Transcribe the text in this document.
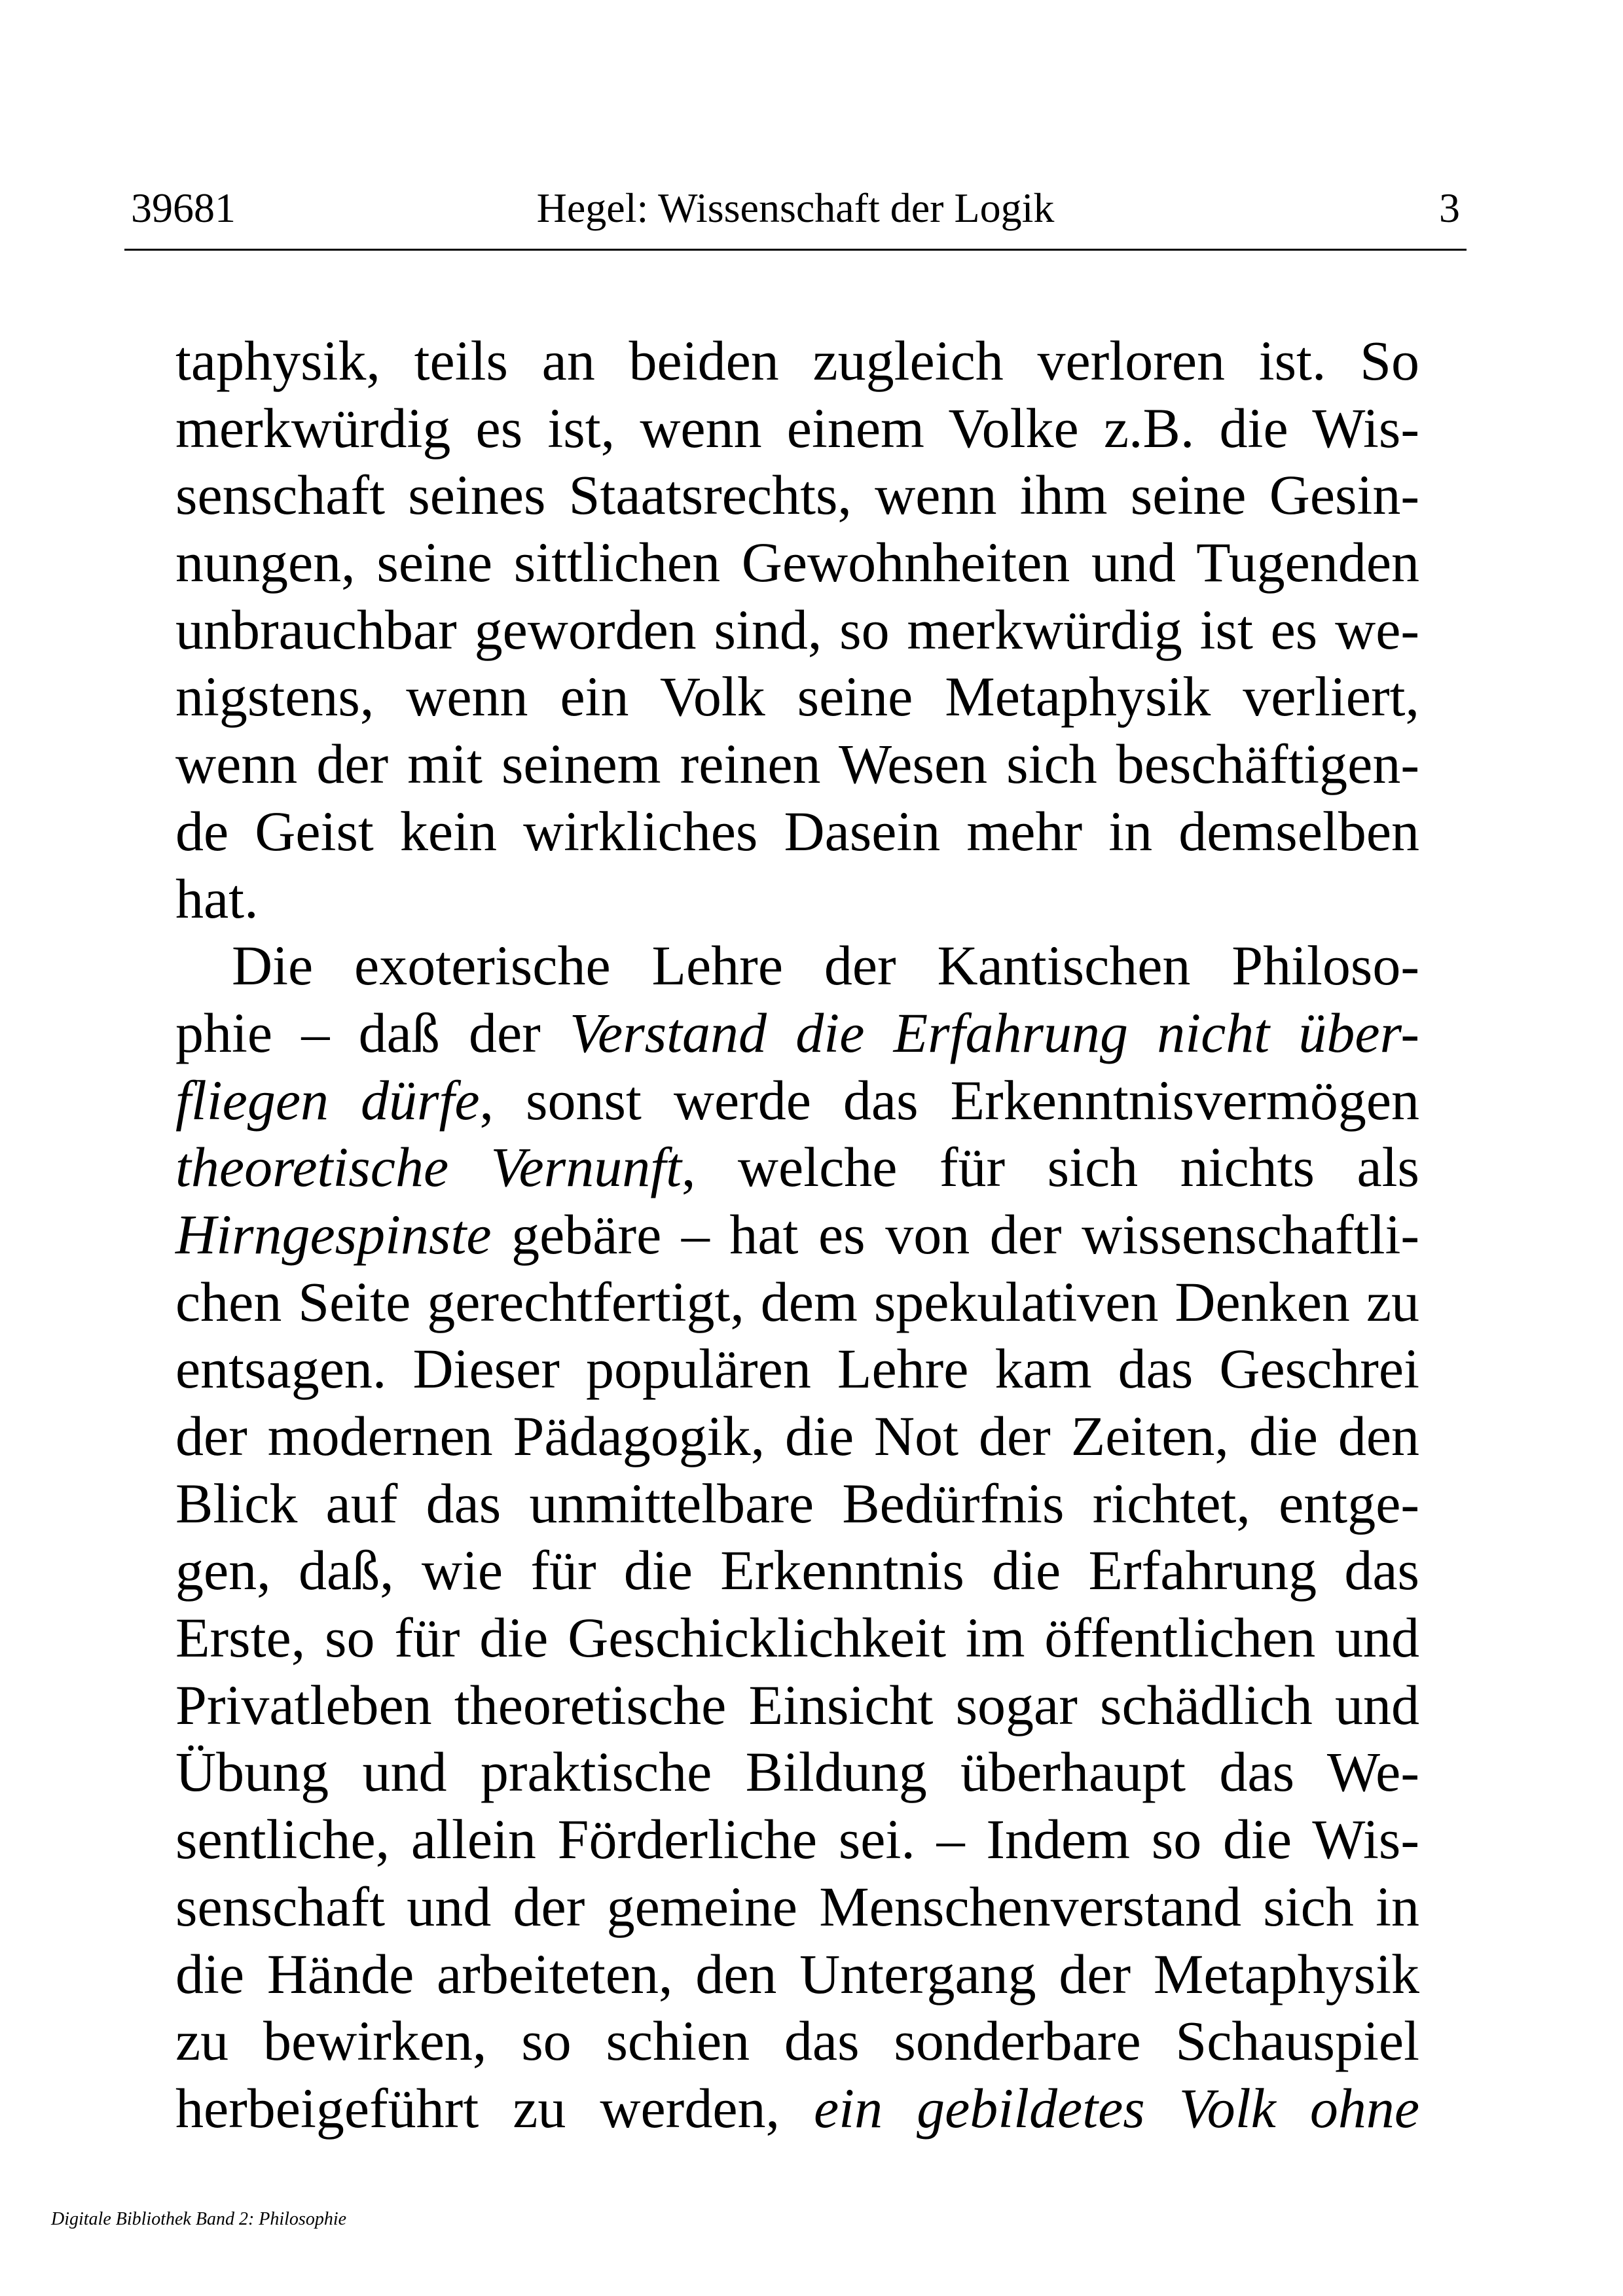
39681	Hegel: Wissenschaft der Logik	3
taphysik, teils an beiden zugleich verloren ist. So
merkwürdig es ist, wenn einem Volke z.B. die Wis-
senschaft seines Staatsrechts, wenn ihm seine Gesin-
nungen, seine sittlichen Gewohnheiten und Tugenden
unbrauchbar geworden sind, so merkwürdig ist es we-
nigstens, wenn ein Volk seine Metaphysik verliert,
wenn der mit seinem reinen Wesen sich beschäftigen-
de Geist kein wirkliches Dasein mehr in demselben
hat.
Die exoterische Lehre der Kantischen Philoso-
phie – daß der Verstand die Erfahrung nicht über-
fliegen dürfe, sonst werde das Erkenntnisvermögen
theoretische Vernunft, welche für sich nichts als
Hirngespinste gebäre – hat es von der wissenschaftli-
chen Seite gerechtfertigt, dem spekulativen Denken zu
entsagen. Dieser populären Lehre kam das Geschrei
der modernen Pädagogik, die Not der Zeiten, die den
Blick auf das unmittelbare Bedürfnis richtet, entge-
gen, daß, wie für die Erkenntnis die Erfahrung das
Erste, so für die Geschicklichkeit im öffentlichen und
Privatleben theoretische Einsicht sogar schädlich und
Übung und praktische Bildung überhaupt das We-
sentliche, allein Förderliche sei. – Indem so die Wis-
senschaft und der gemeine Menschenverstand sich in
die Hände arbeiteten, den Untergang der Metaphysik
zu bewirken, so schien das sonderbare Schauspiel
herbeigeführt zu werden, ein gebildetes Volk ohne
Digitale Bibliothek Band 2: Philosophie
